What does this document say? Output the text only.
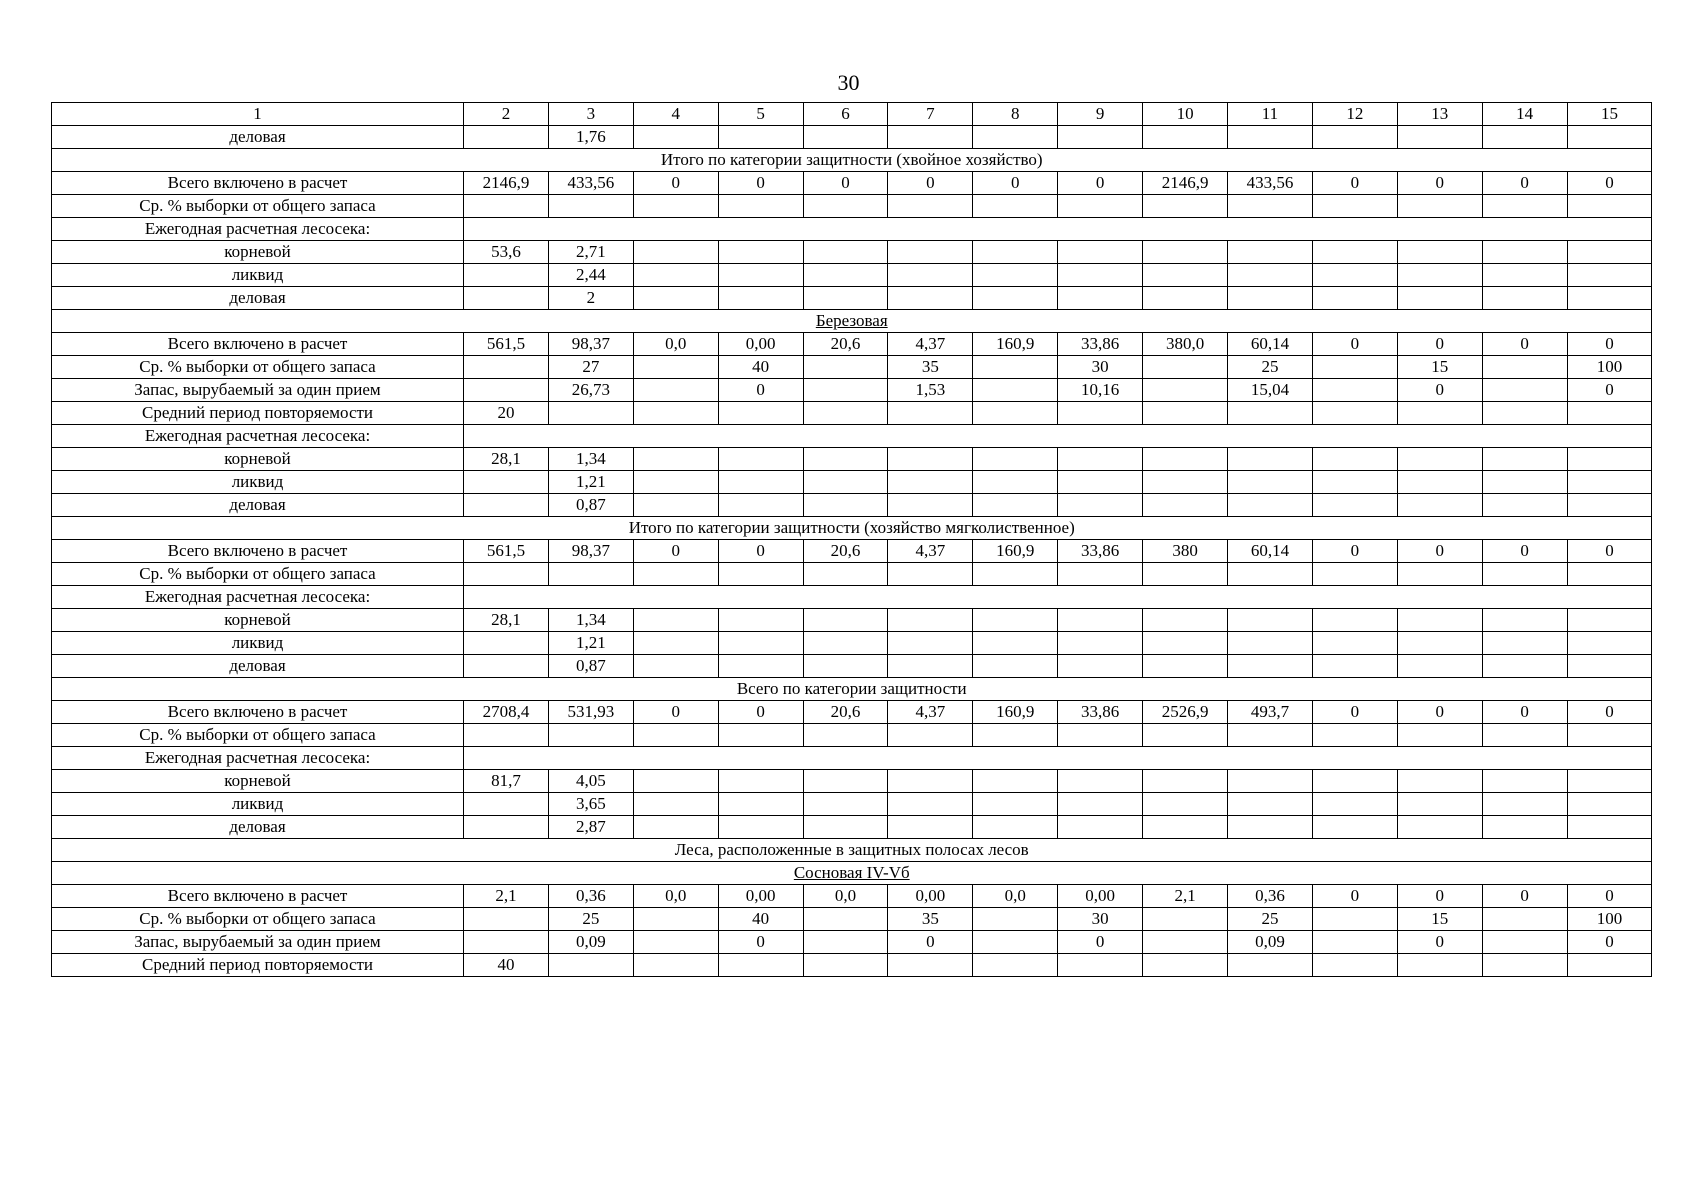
30
1	2	3	4	5	6	7	8	9	10	11	12	13	14	15
деловая		1,76												
Итого по категории защитности (хвойное хозяйство)														
Всего включено в расчет	2146,9	433,56	0	0	0	0	0	0	2146,9	433,56	0	0	0	0
Ср. % выборки от общего запаса														
Ежегодная расчетная лесосека:														
корневой	53,6	2,71												
ликвид		2,44												
деловая		2												
Березовая														
Всего включено в расчет	561,5	98,37	0,0	0,00	20,6	4,37	160,9	33,86	380,0	60,14	0	0	0	0
Ср. % выборки от общего запаса		27		40		35		30		25		15		100
Запас, вырубаемый за один прием		26,73		0		1,53		10,16		15,04		0		0
Средний период повторяемости	20													
Ежегодная расчетная лесосека:														
корневой	28,1	1,34												
ликвид		1,21												
деловая		0,87												
Итого по категории защитности (хозяйство мягколиственное)														
Всего включено в расчет	561,5	98,37	0	0	20,6	4,37	160,9	33,86	380	60,14	0	0	0	0
Ср. % выборки от общего запаса														
Ежегодная расчетная лесосека:														
корневой	28,1	1,34												
ликвид		1,21												
деловая		0,87												
Всего по категории защитности														
Всего включено в расчет	2708,4	531,93	0	0	20,6	4,37	160,9	33,86	2526,9	493,7	0	0	0	0
Ср. % выборки от общего запаса														
Ежегодная расчетная лесосека:														
корневой	81,7	4,05												
ликвид		3,65												
деловая		2,87												
Леса, расположенные в защитных полосах лесов														
Сосновая IV-Vб														
Всего включено в расчет	2,1	0,36	0,0	0,00	0,0	0,00	0,0	0,00	2,1	0,36	0	0	0	0
Ср. % выборки от общего запаса		25		40		35		30		25		15		100
Запас, вырубаемый за один прием		0,09		0		0		0		0,09		0		0
Средний период повторяемости	40													
